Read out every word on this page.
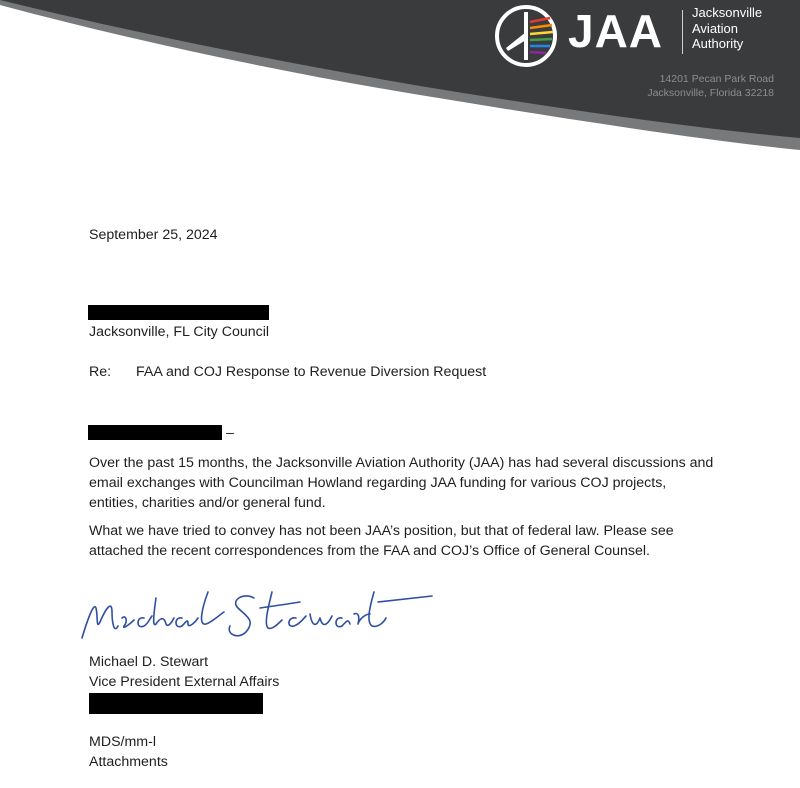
JAA Jacksonville
Aviation
Authority
14201 Pecan Park Road
Jacksonville, Florida 32218
September 25, 2024
Jacksonville, FL City Council
Re: FAA and COJ Response to Revenue Diversion Request
–
Over the past 15 months, the Jacksonville Aviation Authority (JAA) has had several discussions and email exchanges with Councilman Howland regarding JAA funding for various COJ projects, entities, charities and/or general fund.
What we have tried to convey has not been JAA’s position, but that of federal law. Please see attached the recent correspondences from the FAA and COJ’s Office of General Counsel.
Michael D. Stewart
Vice President External Affairs
MDS/mm-l
Attachments
